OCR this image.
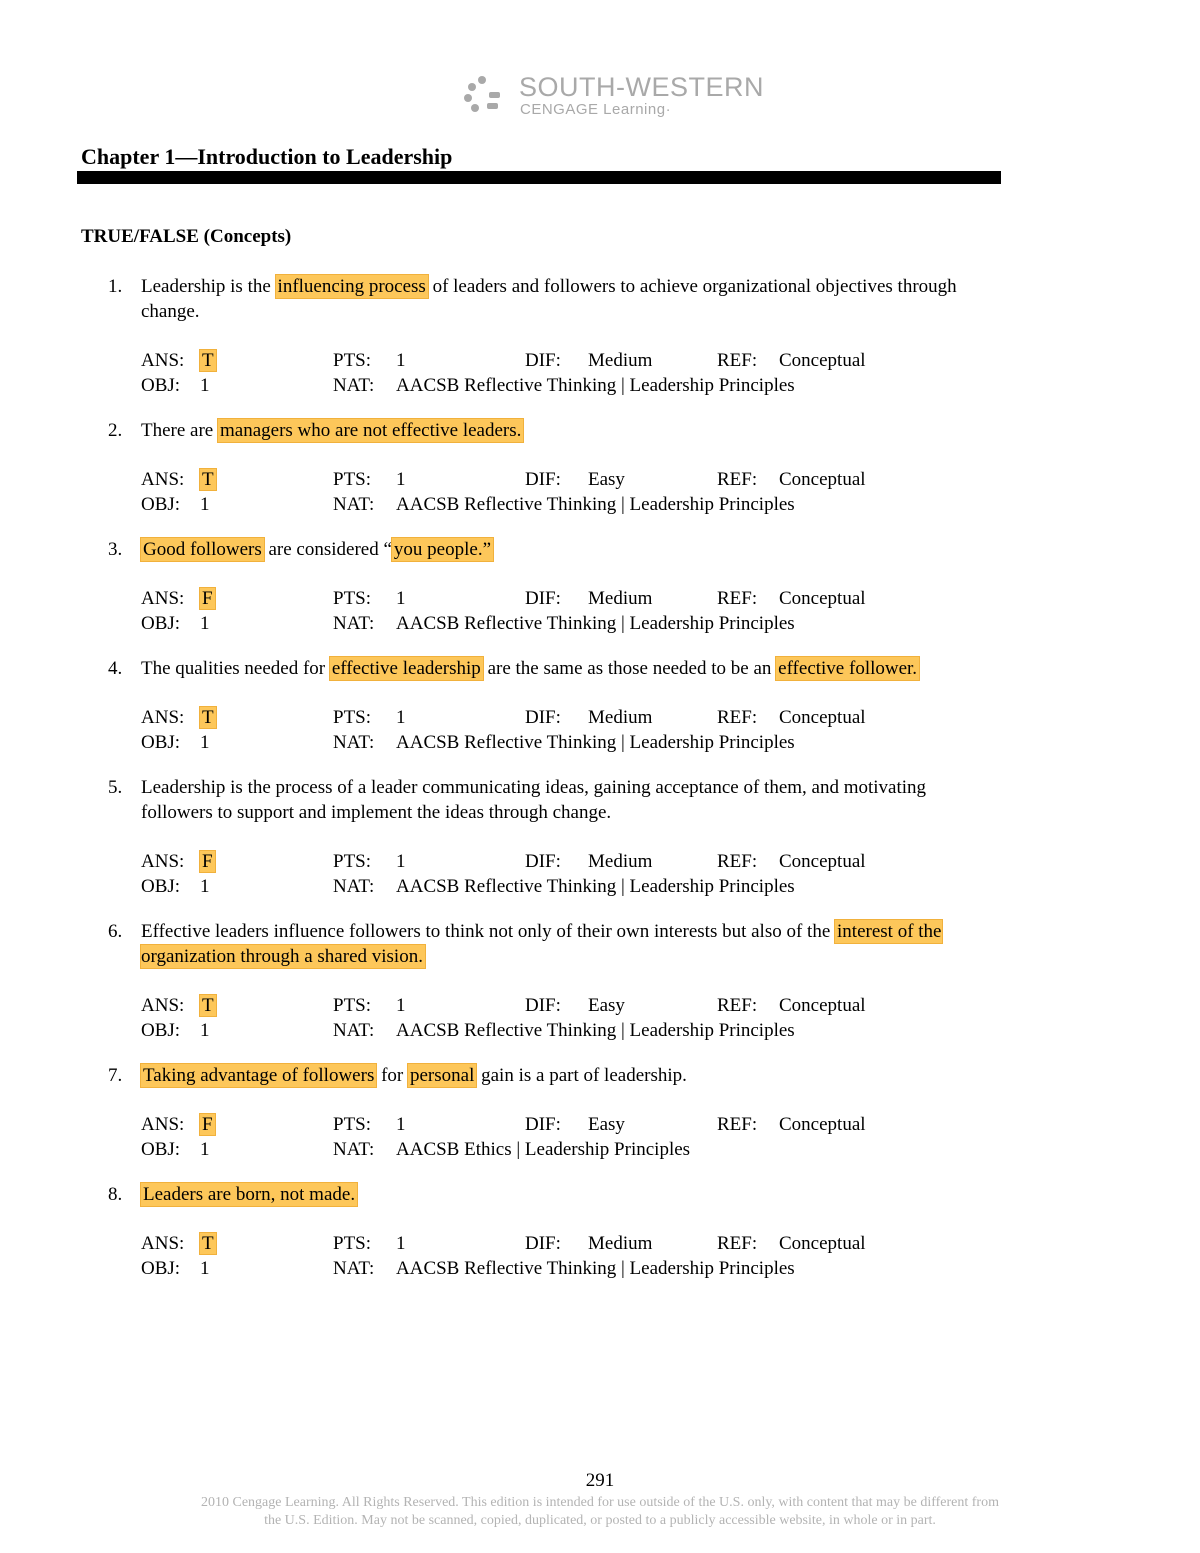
SOUTH-WESTERN
CENGAGE Learning·
Chapter 1—Introduction to Leadership
TRUE/FALSE (Concepts)
1. Leadership is the influencing process of leaders and followers to achieve organizational objectives through change.
ANS: T	PTS: 1	DIF: Medium	REF: Conceptual
OBJ: 1	NAT: AACSB Reflective Thinking | Leadership Principles
2. There are managers who are not effective leaders.
ANS: T	PTS: 1	DIF: Easy	REF: Conceptual
OBJ: 1	NAT: AACSB Reflective Thinking | Leadership Principles
3. Good followers are considered “ you people.”
ANS: F	PTS: 1	DIF: Medium	REF: Conceptual
OBJ: 1	NAT: AACSB Reflective Thinking | Leadership Principles
4. The qualities needed for effective leadership are the same as those needed to be an effective follower.
ANS: T	PTS: 1	DIF: Medium	REF: Conceptual
OBJ: 1	NAT: AACSB Reflective Thinking | Leadership Principles
5. Leadership is the process of a leader communicating ideas, gaining acceptance of them, and motivating followers to support and implement the ideas through change.
ANS: F	PTS: 1	DIF: Medium	REF: Conceptual
OBJ: 1	NAT: AACSB Reflective Thinking | Leadership Principles
6. Effective leaders influence followers to think not only of their own interests but also of the interest of the organization through a shared vision.
ANS: T	PTS: 1	DIF: Easy	REF: Conceptual
OBJ: 1	NAT: AACSB Reflective Thinking | Leadership Principles
7. Taking advantage of followers for personal gain is a part of leadership.
ANS: F	PTS: 1	DIF: Easy	REF: Conceptual
OBJ: 1	NAT: AACSB Ethics | Leadership Principles
8. Leaders are born, not made.
ANS: T	PTS: 1	DIF: Medium	REF: Conceptual
OBJ: 1	NAT: AACSB Reflective Thinking | Leadership Principles
291
2010 Cengage Learning. All Rights Reserved. This edition is intended for use outside of the U.S. only, with content that may be different from
the U.S. Edition. May not be scanned, copied, duplicated, or posted to a publicly accessible website, in whole or in part.
